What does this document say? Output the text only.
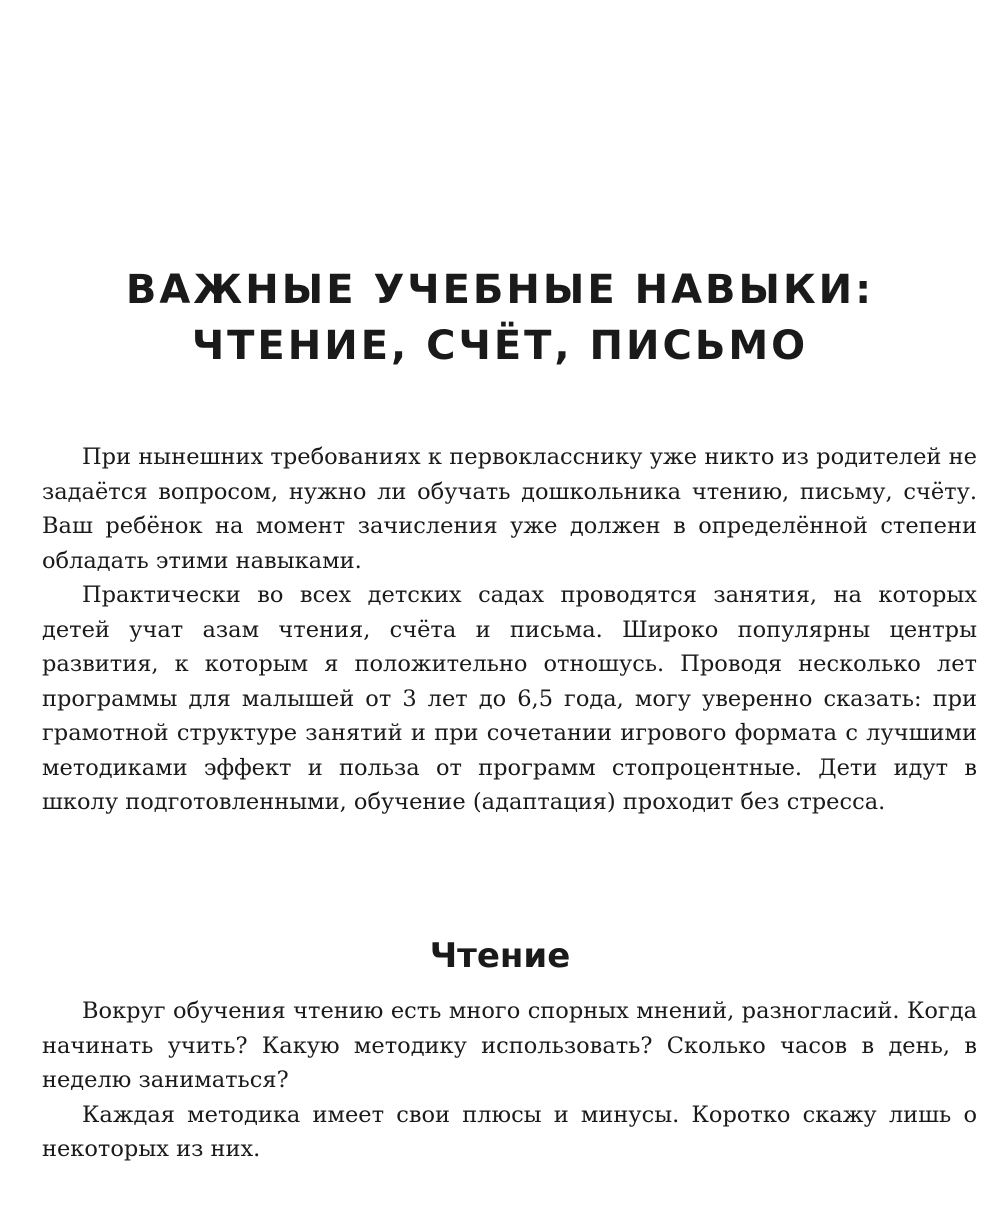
ВАЖНЫЕ УЧЕБНЫЕ НАВЫКИ:
ЧТЕНИЕ, СЧЁТ, ПИСЬМО

При нынешних требованиях к первокласснику уже никто из родителей не задаётся вопросом, нужно ли обучать дошкольника чтению, письму, счёту. Ваш ребёнок на момент зачисления уже должен в определённой степени обладать этими навыками.

Практически во всех детских садах проводятся занятия, на которых детей учат азам чтения, счёта и письма. Широко популярны центры развития, к которым я положительно отношусь. Проводя несколько лет программы для малышей от 3 лет до 6,5 года, могу уверенно сказать: при грамотной структуре занятий и при сочетании игрового формата с лучшими методиками эффект и польза от программ стопроцентные. Дети идут в школу подготовленными, обучение (адаптация) проходит без стресса.

Чтение

Вокруг обучения чтению есть много спорных мнений, разногласий. Когда начинать учить? Какую методику использовать? Сколько часов в день, в неделю заниматься?

Каждая методика имеет свои плюсы и минусы. Коротко скажу лишь о некоторых из них.
